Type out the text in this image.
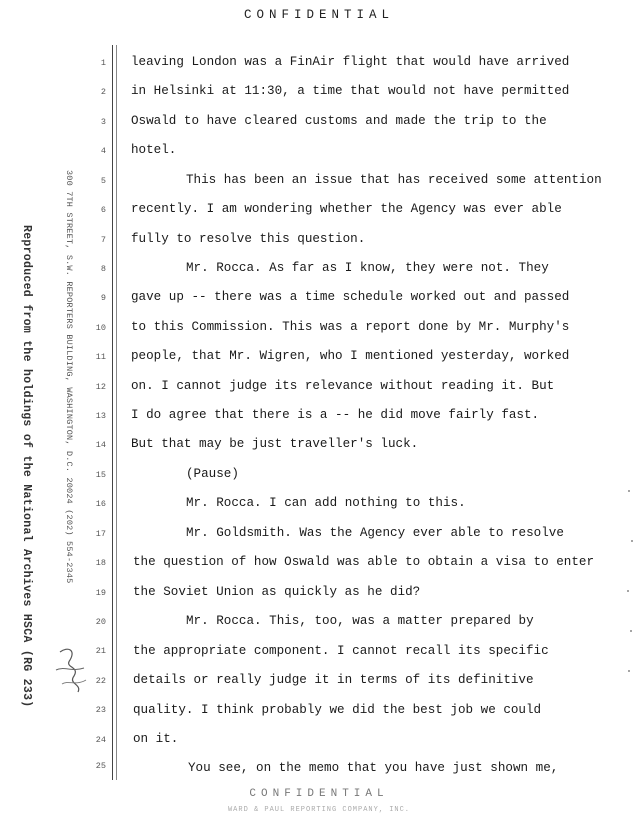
CONFIDENTIAL
Reproduced from the holdings of the National Archives HSCA (RG 233)	300 7TH STREET, S.W. REPORTERS BUILDING, WASHINGTON, D.C. 20024 (202) 554-2345
1
2
3
4
5
6
7
8
9
10
11
12
13
14
15
16
17
18
19
20
21
22
23
24
25
leaving London was a FinAir flight that would have arrived
in Helsinki at 11:30, a time that would not have permitted
Oswald to have cleared customs and made the trip to the
hotel.
This has been an issue that has received some attention
recently. I am wondering whether the Agency was ever able
fully to resolve this question.
Mr. Rocca. As far as I know, they were not. They
gave up -- there was a time schedule worked out and passed
to this Commission. This was a report done by Mr. Murphy's
people, that Mr. Wigren, who I mentioned yesterday, worked
on. I cannot judge its relevance without reading it. But
I do agree that there is a -- he did move fairly fast.
But that may be just traveller's luck.
(Pause)
Mr. Rocca. I can add nothing to this.
Mr. Goldsmith. Was the Agency ever able to resolve
the question of how Oswald was able to obtain a visa to enter
the Soviet Union as quickly as he did?
Mr. Rocca. This, too, was a matter prepared by
the appropriate component. I cannot recall its specific
details or really judge it in terms of its definitive
quality. I think probably we did the best job we could
on it.
You see, on the memo that you have just shown me,
CONFIDENTIAL
WARD & PAUL REPORTING COMPANY, INC.
